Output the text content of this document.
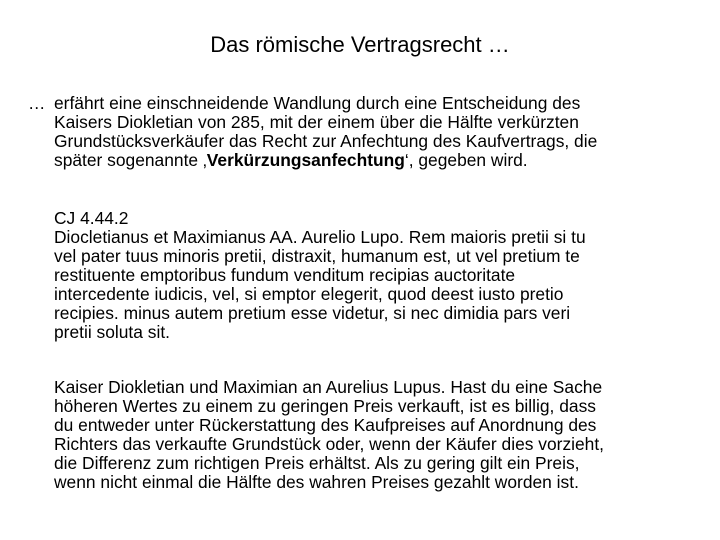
Das römische Vertragsrecht …
… erfährt eine einschneidende Wandlung durch eine Entscheidung des
Kaisers Diokletian von 285, mit der einem über die Hälfte verkürzten
Grundstücksverkäufer das Recht zur Anfechtung des Kaufvertrags, die
später sogenannte ‚Verkürzungsanfechtung‘, gegeben wird.
CJ 4.44.2
Diocletianus et Maximianus AA. Aurelio Lupo. Rem maioris pretii si tu
vel pater tuus minoris pretii, distraxit, humanum est, ut vel pretium te
restituente emptoribus fundum venditum recipias auctoritate
intercedente iudicis, vel, si emptor elegerit, quod deest iusto pretio
recipies. minus autem pretium esse videtur, si nec dimidia pars veri
pretii soluta sit.
Kaiser Diokletian und Maximian an Aurelius Lupus. Hast du eine Sache
höheren Wertes zu einem zu geringen Preis verkauft, ist es billig, dass
du entweder unter Rückerstattung des Kaufpreises auf Anordnung des
Richters das verkaufte Grundstück oder, wenn der Käufer dies vorzieht,
die Differenz zum richtigen Preis erhältst. Als zu gering gilt ein Preis,
wenn nicht einmal die Hälfte des wahren Preises gezahlt worden ist.
